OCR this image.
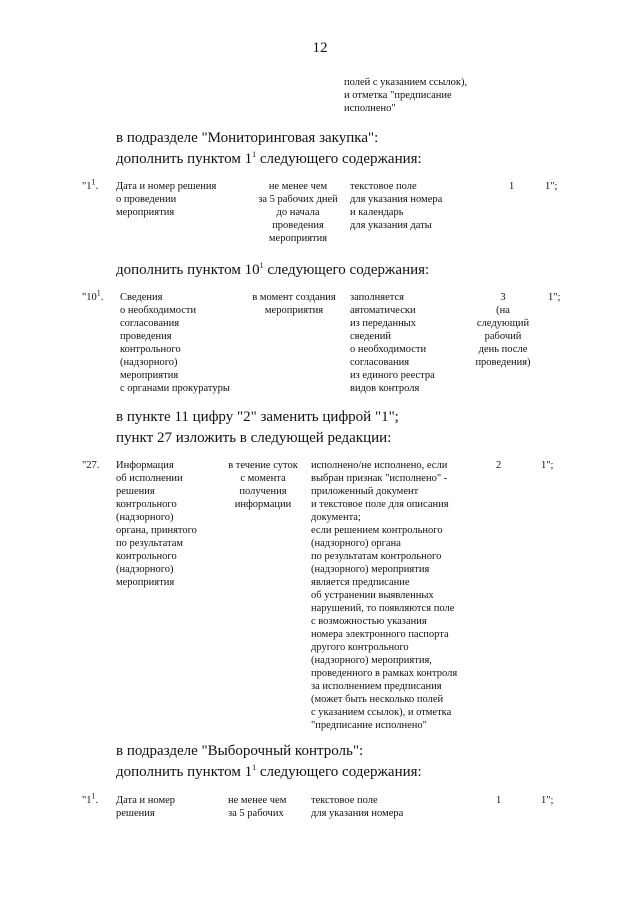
12
полей с указанием ссылок),
и отметка "предписание
исполнено"
в подразделе "Мониторинговая закупка":
дополнить пунктом $1^1$ следующего содержания:

"$1^1$. Дата и номер решения
о проведении
мероприятия

не менее чем
за 5 рабочих дней
до начала
проведения
мероприятия

текстовое поле
для указания номера
и календарь
для указания даты

1	1";

дополнить пунктом $10^1$ следующего содержания:

"$10^1$. Сведения
о необходимости
согласования
проведения
контрольного
(надзорного)
мероприятия
с органами прокуратуры

в момент создания
мероприятия

заполняется
автоматически
из переданных
сведений
о необходимости
согласования
из единого реестра
видов контроля

3
(на
следующий
рабочий
день после
проведения)

1";

в пункте 11 цифру "2" заменить цифрой "1";
пункт 27 изложить в следующей редакции:

"27. Информация
об исполнении
решения
контрольного
(надзорного)
органа, принятого
по результатам
контрольного
(надзорного)
мероприятия

в течение суток
с момента
получения
информации

исполнено/не исполнено, если
выбран признак "исполнено" -
приложенный документ
и текстовое поле для описания
документа;
если решением контрольного
(надзорного) органа
по результатам контрольного
(надзорного) мероприятия
является предписание
об устранении выявленных
нарушений, то появляются поле
с возможностью указания
номера электронного паспорта
другого контрольного
(надзорного) мероприятия,
проведенного в рамках контроля
за исполнением предписания
(может быть несколько полей
с указанием ссылок), и отметка
"предписание исполнено"

2	1";

в подразделе "Выборочный контроль":
дополнить пунктом $1^1$ следующего содержания:

"$1^1$. Дата и номер
решения

не менее чем
за 5 рабочих

текстовое поле
для указания номера

1	1";
